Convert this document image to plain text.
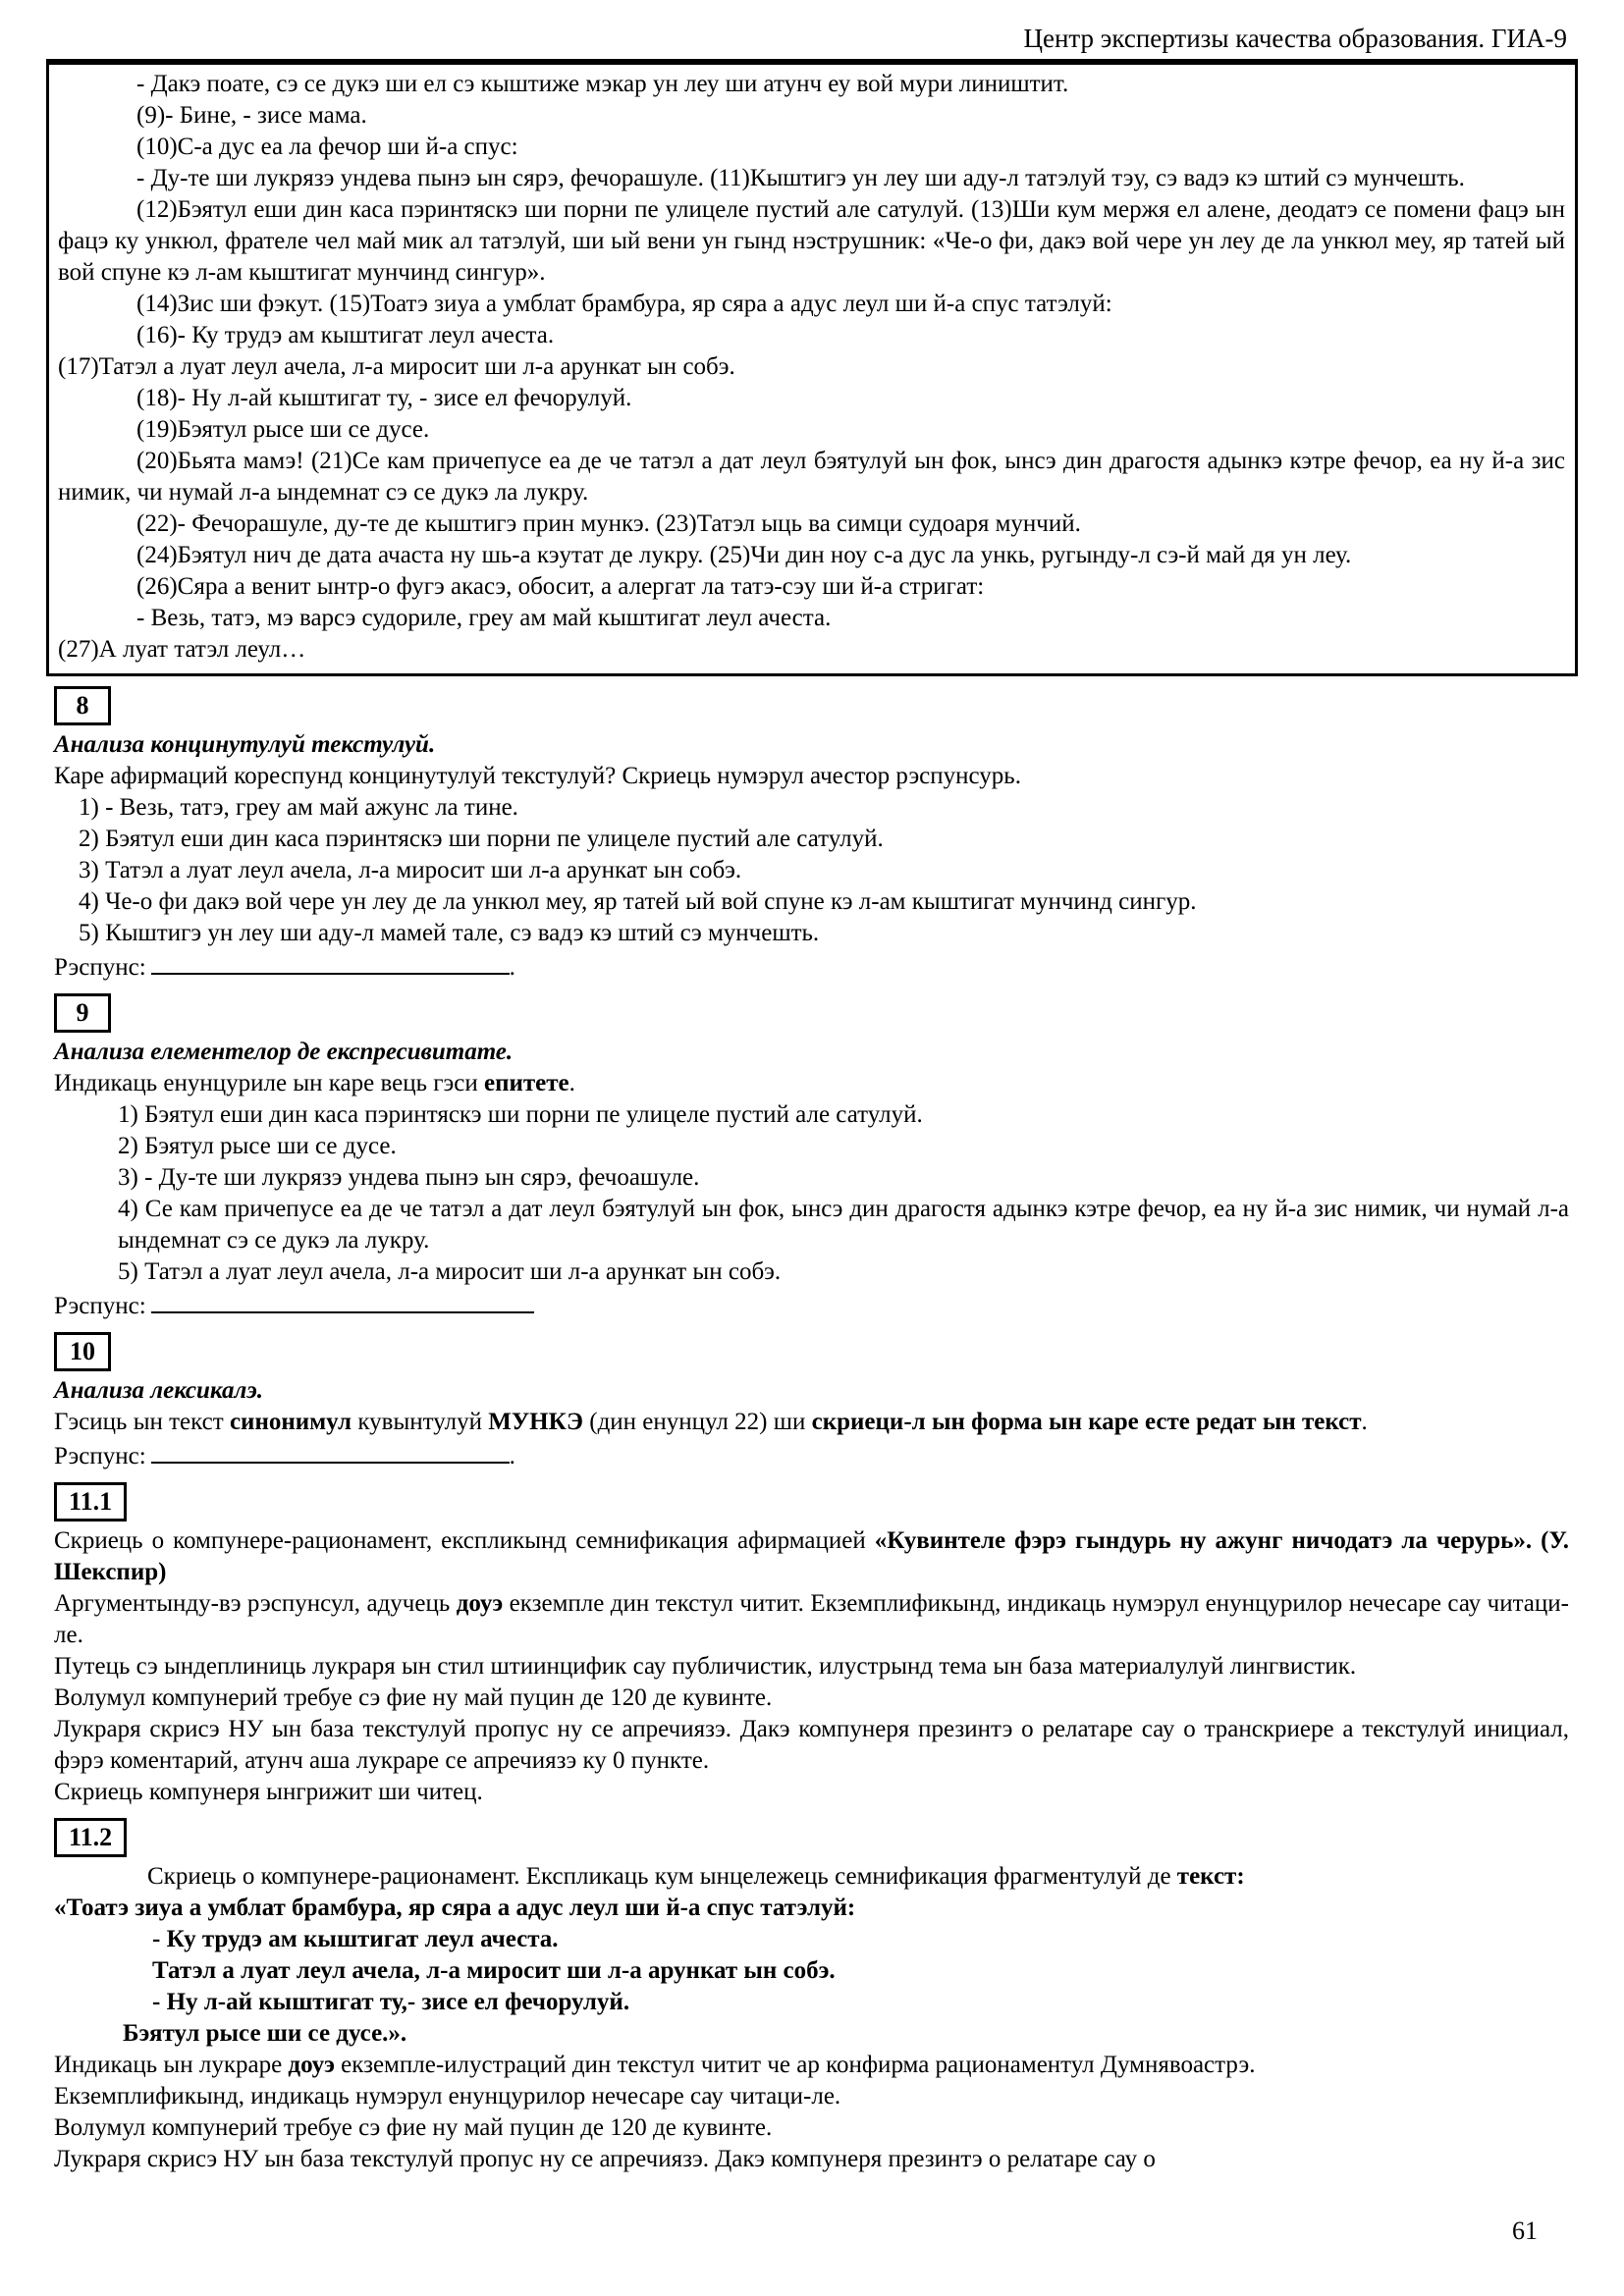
Центр экспертизы качества образования. ГИА-9

- Дакэ поате, сэ се дукэ ши ел сэ кыштиже мэкар ун леу ши атунч еу вой мури лиништит.

(9)- Бине, - зисе мама.

(10)С-а дус еа ла фечор ши й-а спус:

- Ду-те ши лукрязэ ундева пынэ ын сярэ, фечорашуле. (11)Кыштигэ ун леу ши аду-л татэлуй тэу, сэ вадэ кэ штий сэ мунчешть.

(12)Бэятул еши дин каса пэринтяскэ ши порни пе улицеле пустий але сатулуй. (13)Ши кум мержя ел алене, деодатэ се помени фацэ ын фацэ ку ункюл, фрателе чел май мик ал татэлуй, ши ый вени ун гынд нэструшник: «Че-о фи, дакэ вой чере ун леу де ла ункюл меу, яр татей ый вой спуне кэ л-ам кыштигат мунчинд сингур».

(14)Зис ши фэкут. (15)Тоатэ зиуа а умблат брамбура, яр сяра а адус леул ши й-а спус татэлуй:

(16)- Ку трудэ ам кыштигат леул ачеста.

(17)Татэл а луат леул ачела, л-а миросит ши л-а арункат ын собэ.

(18)- Ну л-ай кыштигат ту, - зисе ел фечорулуй.

(19)Бэятул рысе ши се дусе.

(20)Бьята мамэ! (21)Се кам причепусе еа де че татэл а дат леул бэятулуй ын фок, ынсэ дин драгостя адынкэ кэтре фечор, еа ну й-а зис нимик, чи нумай л-а ындемнат сэ се дукэ ла лукру.

(22)- Фечорашуле, ду-те де кыштигэ прин мункэ. (23)Татэл ыць ва симци судоаря мунчий.

(24)Бэятул нич де дата ачаста ну шь-а кэутат де лукру. (25)Чи дин ноу с-а дус ла ункь, ругынду-л сэ-й май дя ун леу.

(26)Сяра а венит ынтр-о фугэ акасэ, обосит, а алергат ла татэ-сэу ши й-а стригат:

- Везь, татэ, мэ варсэ судориле, греу ам май кыштигат леул ачеста.

(27)А луат татэл леул…

8

Анализа концинутулуй текстулуй.

Каре афирмаций кореспунд концинутулуй текстулуй? Скриець нумэрул ачестор рэспунсурь.

1) - Везь, татэ, греу ам май ажунс ла тине.

2) Бэятул еши дин каса пэринтяскэ ши порни пе улицеле пустий але сатулуй.

3) Татэл а луат леул ачела, л-а миросит ши л-а арункат ын собэ.

4) Че-о фи дакэ вой чере ун леу де ла ункюл меу, яр татей ый вой спуне кэ л-ам кыштигат мунчинд сингур.

5) Кыштигэ ун леу ши аду-л мамей тале, сэ вадэ кэ штий сэ мунчешть.

Рэспунс:	.

9

Анализа елементелор де експресивитате.

Индикаць енунцуриле ын каре вець гэси епитете.

1) Бэятул еши дин каса пэринтяскэ ши порни пе улицеле пустий але сатулуй.

2) Бэятул рысе ши се дусе.

3) - Ду-те ши лукрязэ ундева пынэ ын сярэ, фечоашуле.

4) Се кам причепусе еа де че татэл а дат леул бэятулуй ын фок, ынсэ дин драгостя адынкэ кэтре фечор, еа ну й-а зис нимик, чи нумай л-а ындемнат сэ се дукэ ла лукру.

5) Татэл а луат леул ачела, л-а миросит ши л-а арункат ын собэ.

Рэспунс:

10

Анализа лексикалэ.

Гэсиць ын текст синонимул кувынтулуй МУНКЭ (дин енунцул 22) ши скриеци-л ын форма ын каре есте редат ын текст.

Рэспунс:	.

11.1

Скриець о компунере-рационамент, експликынд семнификация афирмацией «Кувинтеле фэрэ гындурь ну ажунг ничодатэ ла черурь». (У. Шекспир)

Аргументынду-вэ рэспунсул, адучець доуэ екземпле дин текстул читит. Екземплификынд, индикаць нумэрул енунцурилор нечесаре сау читаци-ле.

Путець сэ ындеплиниць лукраря ын стил штиинцифик сау публичистик, илустрынд тема ын база материалулуй лингвистик.

Волумул компунерий требуе сэ фие ну май пуцин де 120 де кувинте.

Лукраря скрисэ НУ ын база текстулуй пропус ну се апречиязэ. Дакэ компунеря презинтэ о релатаре сау о транскриере а текстулуй инициал, фэрэ коментарий, атунч аша лукраре се апречиязэ ку 0 пункте.

Скриець компунеря ынгрижит ши читец.

11.2

Скриець о компунере-рационамент. Експликаць кум ынцележець семнификация фрагментулуй де текст:

«Тоатэ зиуа а умблат брамбура, яр сяра а адус леул ши й-а спус татэлуй:

- Ку трудэ ам кыштигат леул ачеста.

Татэл а луат леул ачела, л-а миросит ши л-а арункат ын собэ.

- Ну л-ай кыштигат ту,- зисе ел фечорулуй.

Бэятул рысе ши се дусе.».

Индикаць ын лукраре доуэ екземпле-илустраций дин текстул читит че ар конфирма рационаментул Думнявоастрэ.

Екземплификынд, индикаць нумэрул енунцурилор нечесаре сау читаци-ле.

Волумул компунерий требуе сэ фие ну май пуцин де 120 де кувинте.

Лукраря скрисэ НУ ын база текстулуй пропус ну се апречиязэ. Дакэ компунеря презинтэ о релатаре сау о

61
